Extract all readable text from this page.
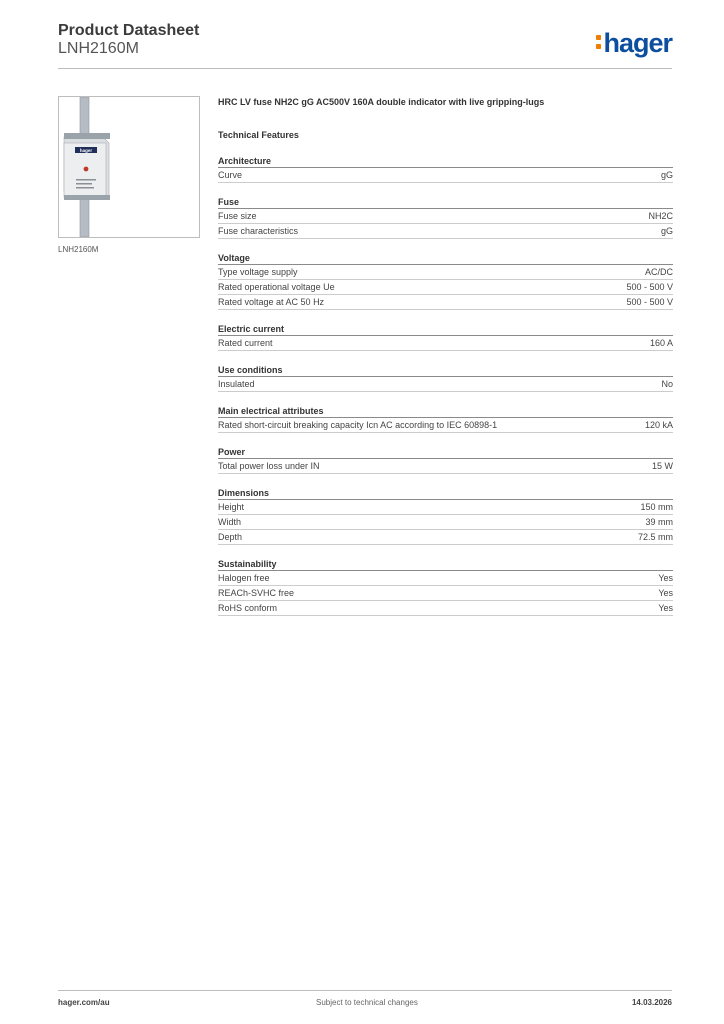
Product Datasheet
LNH2160M	hager
hager
LNH2160M
HRC LV fuse NH2C gG AC500V 160A double indicator with live gripping-lugs
Technical Features
Architecture
Curve	gG
Fuse
Fuse size	NH2C
Fuse characteristics	gG
Voltage
Type voltage supply	AC/DC
Rated operational voltage Ue	500 - 500 V
Rated voltage at AC 50 Hz	500 - 500 V
Electric current
Rated current	160 A
Use conditions
Insulated	No
Main electrical attributes
Rated short-circuit breaking capacity Icn AC according to IEC 60898-1	120 kA
Power
Total power loss under IN	15 W
Dimensions
Height	150 mm
Width	39 mm
Depth	72.5 mm
Sustainability
Halogen free	Yes
REACh-SVHC free	Yes
RoHS conform	Yes
hager.com/au	Subject to technical changes	14.03.2026
